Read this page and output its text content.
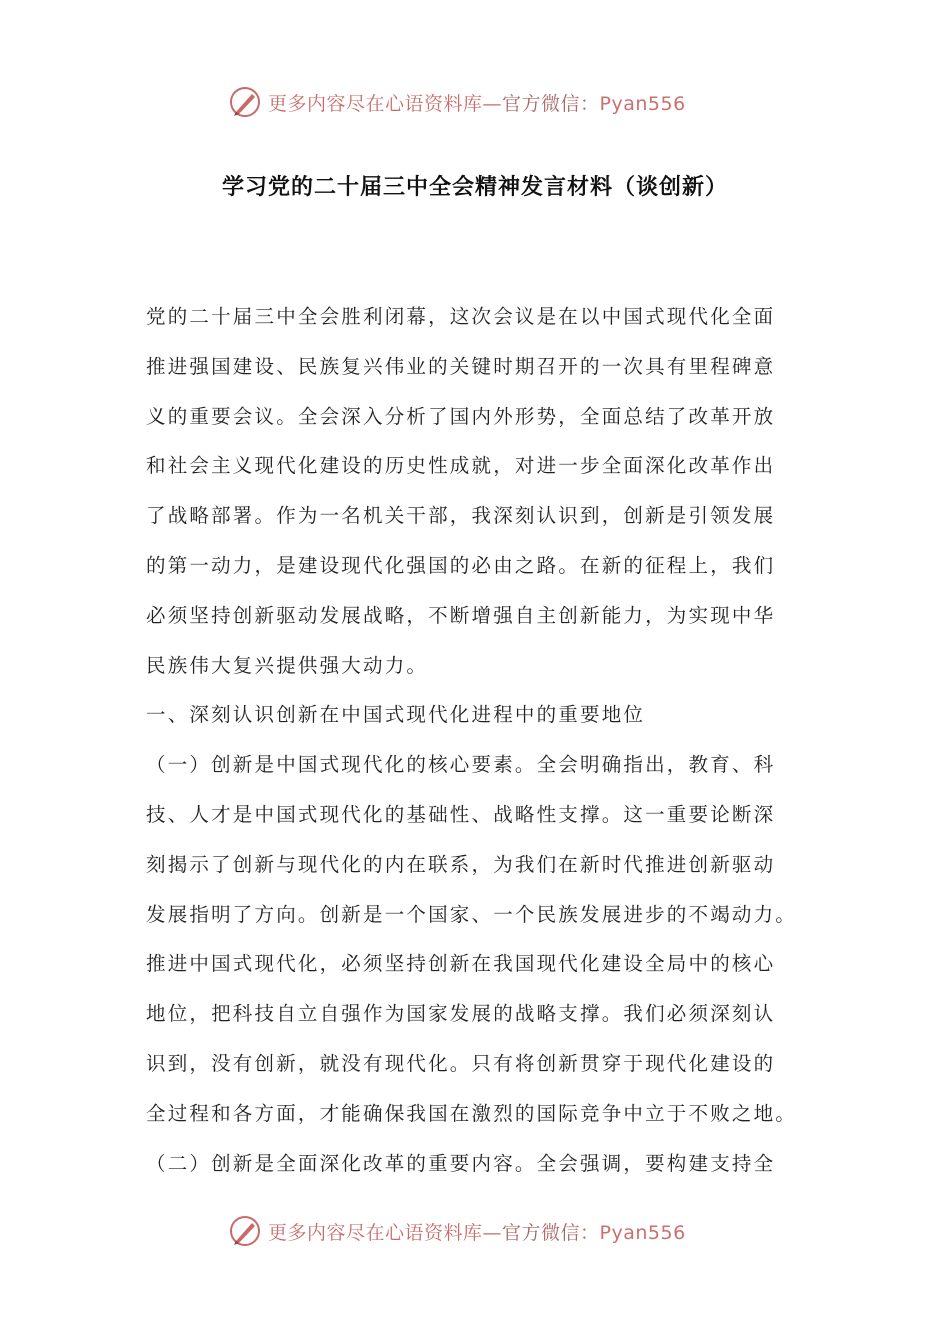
更多内容尽在心语资料库—官方微信：Pyan556
学习党的二十届三中全会精神发言材料（谈创新）
党的二十届三中全会胜利闭幕，这次会议是在以中国式现代化全面
推进强国建设、民族复兴伟业的关键时期召开的一次具有里程碑意
义的重要会议。全会深入分析了国内外形势，全面总结了改革开放
和社会主义现代化建设的历史性成就，对进一步全面深化改革作出
了战略部署。作为一名机关干部，我深刻认识到，创新是引领发展
的第一动力，是建设现代化强国的必由之路。在新的征程上，我们
必须坚持创新驱动发展战略，不断增强自主创新能力，为实现中华
民族伟大复兴提供强大动力。
一、深刻认识创新在中国式现代化进程中的重要地位
（一）创新是中国式现代化的核心要素。全会明确指出，教育、科
技、人才是中国式现代化的基础性、战略性支撑。这一重要论断深
刻揭示了创新与现代化的内在联系，为我们在新时代推进创新驱动
发展指明了方向。创新是一个国家、一个民族发展进步的不竭动力。
推进中国式现代化，必须坚持创新在我国现代化建设全局中的核心
地位，把科技自立自强作为国家发展的战略支撑。我们必须深刻认
识到，没有创新，就没有现代化。只有将创新贯穿于现代化建设的
全过程和各方面，才能确保我国在激烈的国际竞争中立于不败之地。
（二）创新是全面深化改革的重要内容。全会强调，要构建支持全
更多内容尽在心语资料库—官方微信：Pyan556
